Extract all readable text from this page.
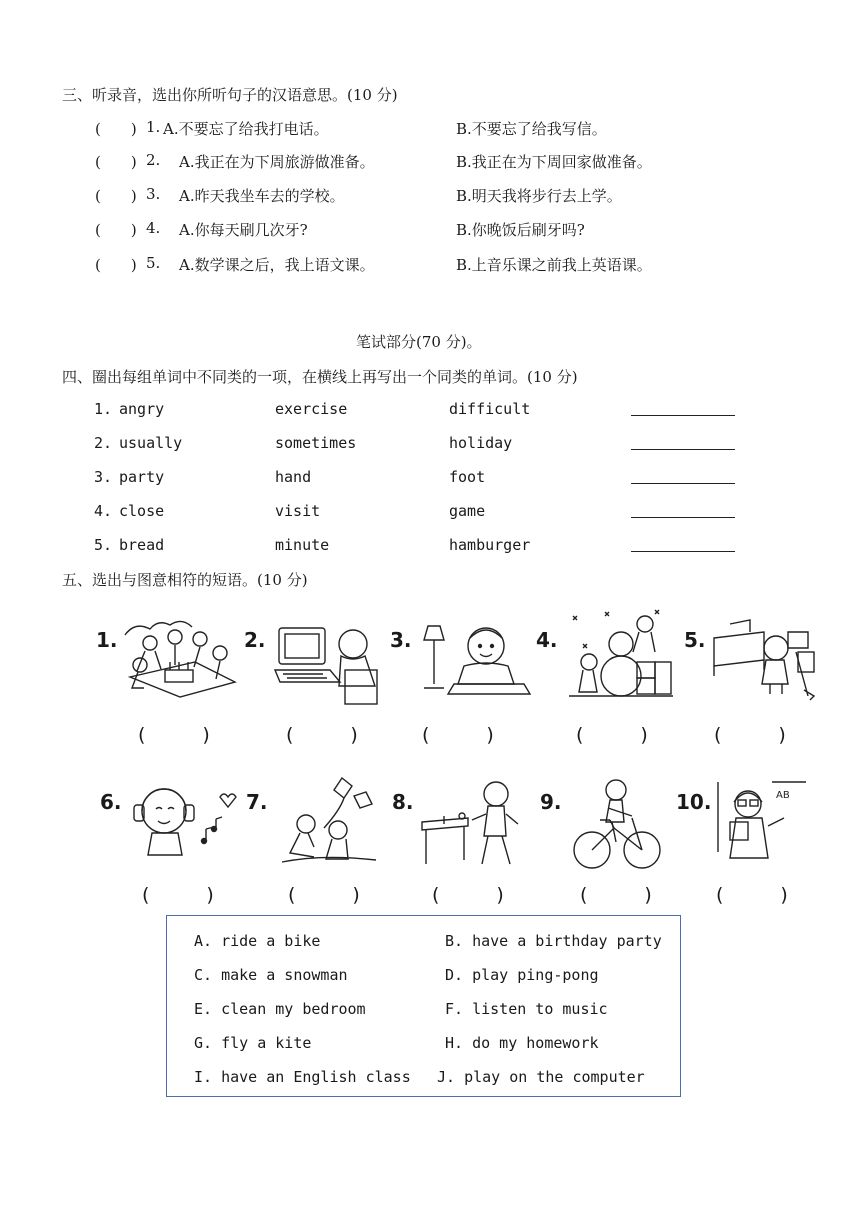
三、听录音，选出你所听句子的汉语意思。(10 分)
(　　) 1. A.不要忘了给我打电话。	B.不要忘了给我写信。
(　　) 2. A.我正在为下周旅游做准备。	B.我正在为下周回家做准备。
(　　) 3. A.昨天我坐车去的学校。	B.明天我将步行去上学。
(　　) 4. A.你每天刷几次牙?	B.你晚饭后刷牙吗?
(　　) 5. A.数学课之后，我上语文课。	B.上音乐课之前我上英语课。
笔试部分(70 分)。
四、圈出每组单词中不同类的一项，在横线上再写出一个同类的单词。(10 分)
1. angry	exercise	difficult
2. usually	sometimes	holiday
3. party	hand	foot
4. close	visit	game
5. bread	minute	hamburger
五、选出与图意相符的短语。(10 分)
1.
(　　　)
2.
(　　　)
3.
(　　　)
4.
(　　　)
5.
(　　　)
6.
(　　　)
7.
(　　　)
8.
(　　　)
9.
(　　　)
10.	AB
(　　　)
A. ride a bike	B. have a birthday party
C. make a snowman	D. play ping-pong
E. clean my bedroom	F. listen to music
G. fly a kite	H. do my homework
I. have an English class J. play on the computer
